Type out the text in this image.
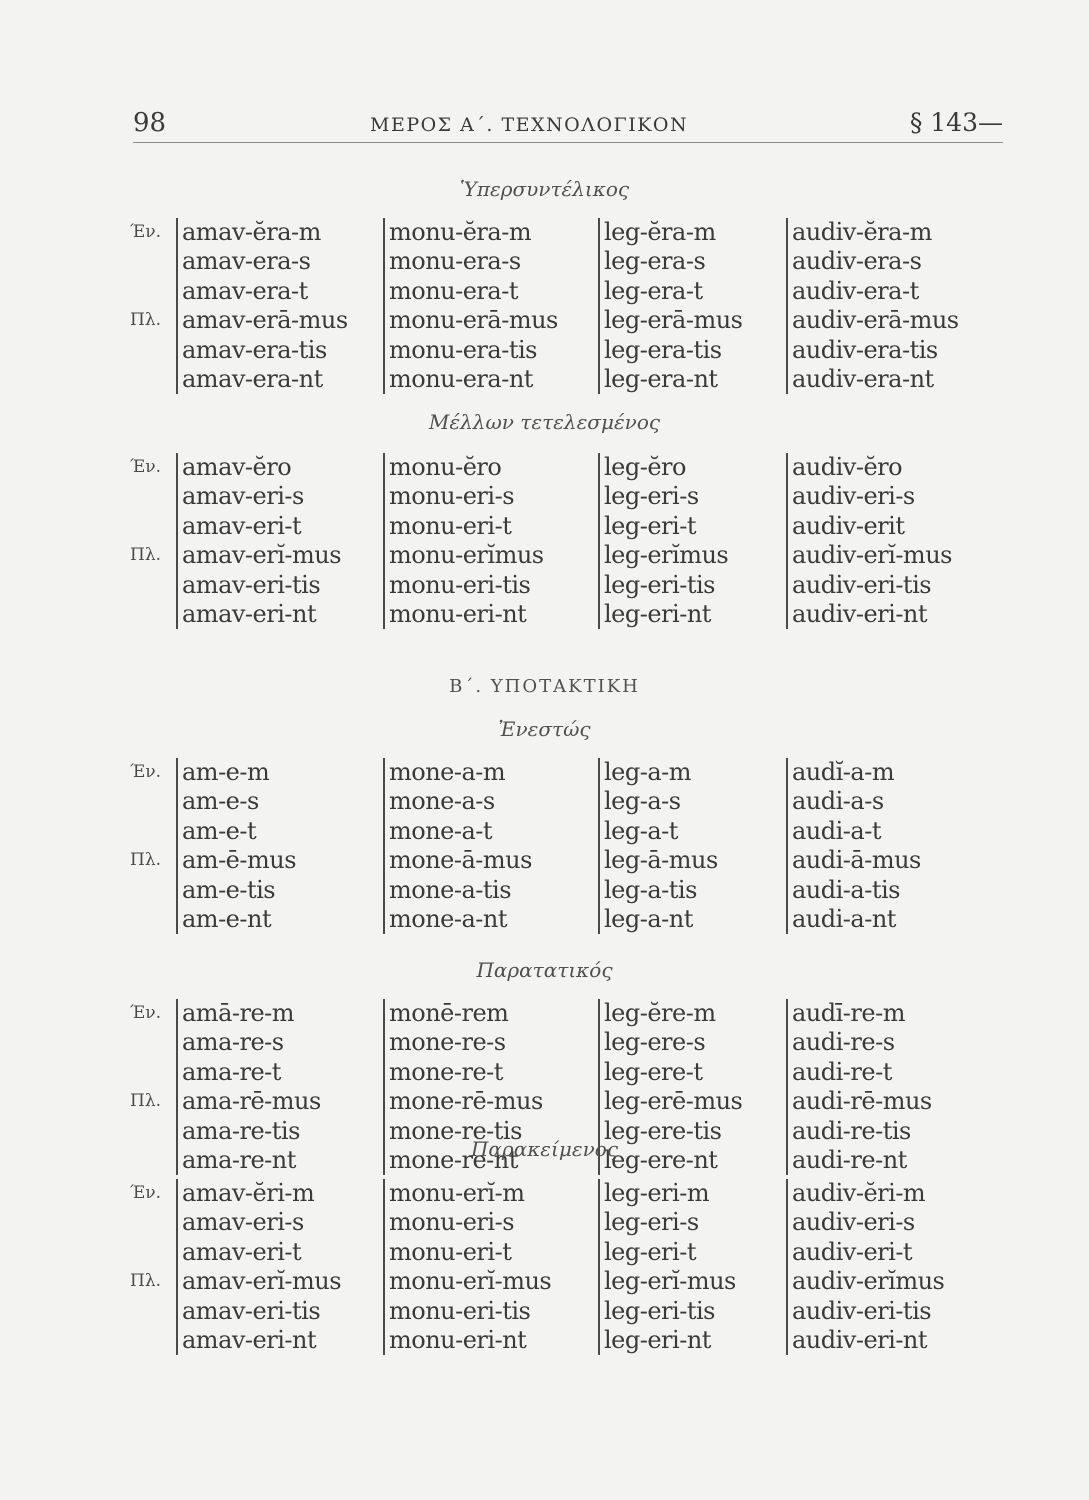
98	ΜΕΡΟΣ Α΄. ΤΕΧΝΟΛΟΓΙΚΟΝ	§ 143—
Ὑπερσυντέλικος
Έν.
Πλ.
amav-ĕra-m
amav-era-s
amav-era-t
amav-erā-mus
amav-era-tis
amav-era-nt
monu-ĕra-m
monu-era-s
monu-era-t
monu-erā-mus
monu-era-tis
monu-era-nt
leg-ĕra-m
leg-era-s
leg-era-t
leg-erā-mus
leg-era-tis
leg-era-nt
audiv-ĕra-m
audiv-era-s
audiv-era-t
audiv-erā-mus
audiv-era-tis
audiv-era-nt
Μέλλων τετελεσμένος
Έν.
Πλ.
amav-ĕro
amav-eri-s
amav-eri-t
amav-erĭ-mus
amav-eri-tis
amav-eri-nt
monu-ĕro
monu-eri-s
monu-eri-t
monu-erĭmus
monu-eri-tis
monu-eri-nt
leg-ĕro
leg-eri-s
leg-eri-t
leg-erĭmus
leg-eri-tis
leg-eri-nt
audiv-ĕro
audiv-eri-s
audiv-erit
audiv-erĭ-mus
audiv-eri-tis
audiv-eri-nt
Β΄. ΥΠΟΤΑΚΤΙΚΗ
Ἐνεστώς
Έν.
Πλ.
am-e-m
am-e-s
am-e-t
am-ē-mus
am-e-tis
am-e-nt
mone-a-m
mone-a-s
mone-a-t
mone-ā-mus
mone-a-tis
mone-a-nt
leg-a-m
leg-a-s
leg-a-t
leg-ā-mus
leg-a-tis
leg-a-nt
audĭ-a-m
audi-a-s
audi-a-t
audi-ā-mus
audi-a-tis
audi-a-nt
Παρατατικός
Έν.
Πλ.
amā-re-m
ama-re-s
ama-re-t
ama-rē-mus
ama-re-tis
ama-re-nt
monē-rem
mone-re-s
mone-re-t
mone-rē-mus
mone-re-tis
mone-re-nt
leg-ĕre-m
leg-ere-s
leg-ere-t
leg-erē-mus
leg-ere-tis
leg-ere-nt
audī-re-m
audi-re-s
audi-re-t
audi-rē-mus
audi-re-tis
audi-re-nt
Παρακείμενος
Έν.
Πλ.
amav-ĕri-m
amav-eri-s
amav-eri-t
amav-erĭ-mus
amav-eri-tis
amav-eri-nt
monu-erĭ-m
monu-eri-s
monu-eri-t
monu-erĭ-mus
monu-eri-tis
monu-eri-nt
leg-eri-m
leg-eri-s
leg-eri-t
leg-erĭ-mus
leg-eri-tis
leg-eri-nt
audiv-ĕri-m
audiv-eri-s
audiv-eri-t
audiv-erĭmus
audiv-eri-tis
audiv-eri-nt
